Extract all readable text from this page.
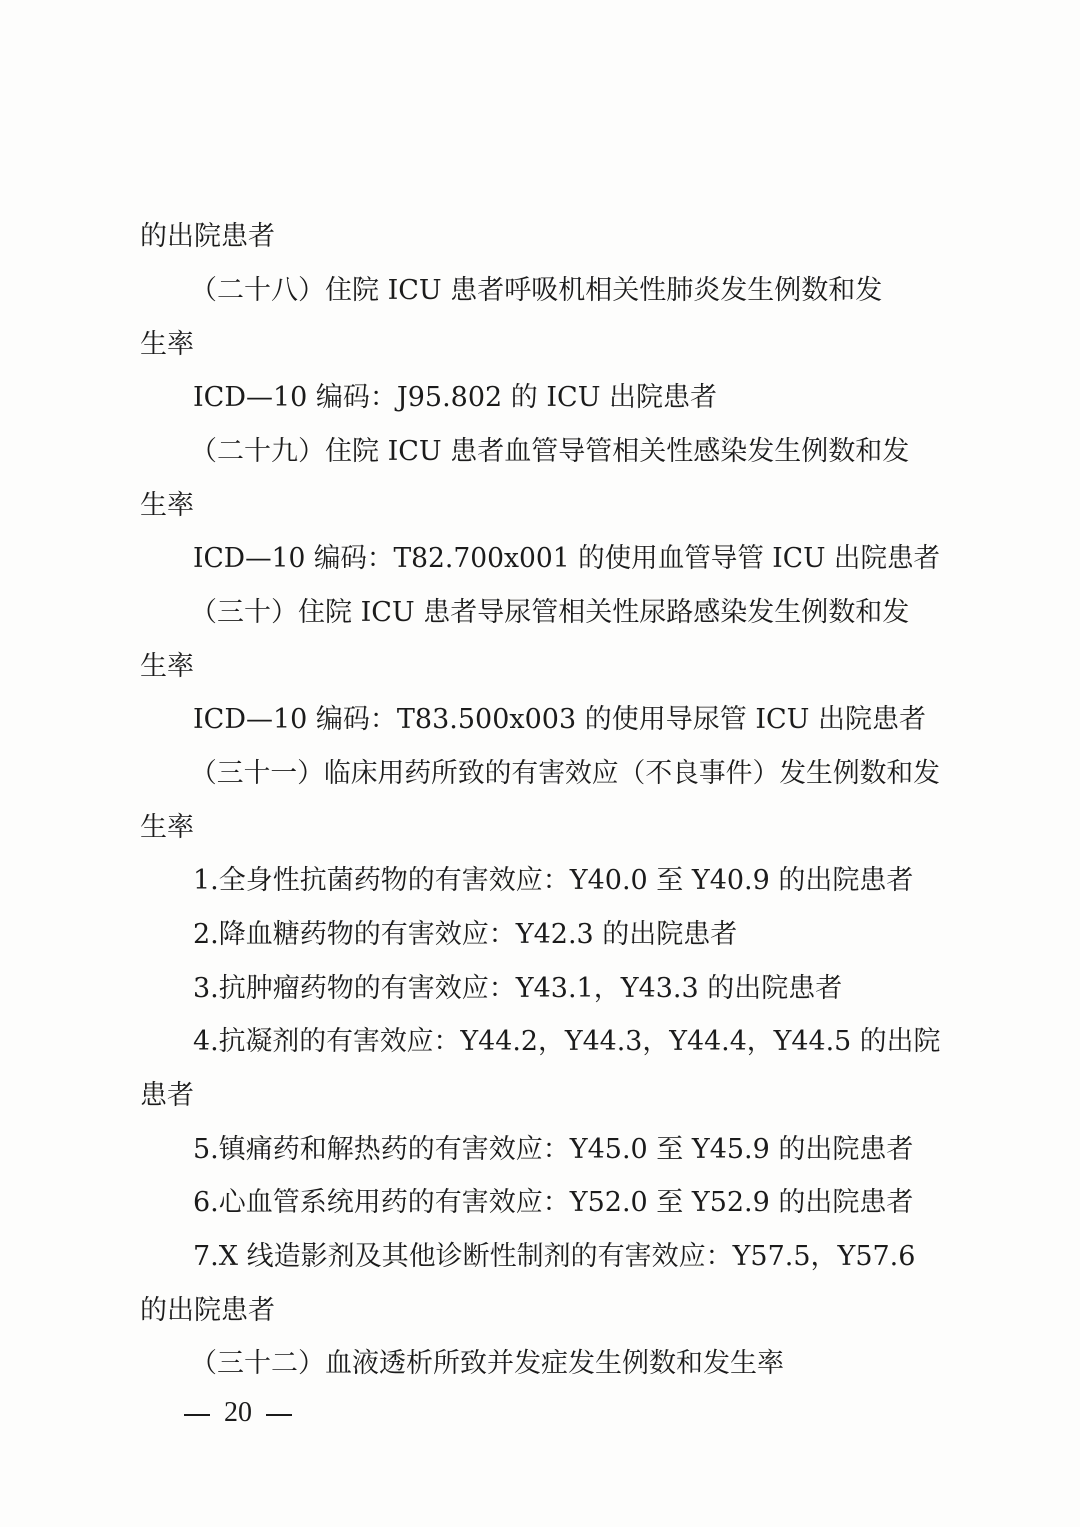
的出院患者
（二十八）住院 ICU 患者呼吸机相关性肺炎发生例数和发
生率
ICD—10 编码：J95.802 的 ICU 出院患者
（二十九）住院 ICU 患者血管导管相关性感染发生例数和发
生率
ICD—10 编码：T82.700x001 的使用血管导管 ICU 出院患者
（三十）住院 ICU 患者导尿管相关性尿路感染发生例数和发
生率
ICD—10 编码：T83.500x003 的使用导尿管 ICU 出院患者
（三十一）临床用药所致的有害效应（不良事件）发生例数和发
生率
1.全身性抗菌药物的有害效应：Y40.0 至 Y40.9 的出院患者
2.降血糖药物的有害效应：Y42.3 的出院患者
3.抗肿瘤药物的有害效应：Y43.1，Y43.3 的出院患者
4.抗凝剂的有害效应：Y44.2，Y44.3，Y44.4，Y44.5 的出院
患者
5.镇痛药和解热药的有害效应：Y45.0 至 Y45.9 的出院患者
6.心血管系统用药的有害效应：Y52.0 至 Y52.9 的出院患者
7.X 线造影剂及其他诊断性制剂的有害效应：Y57.5，Y57.6
的出院患者
（三十二）血液透析所致并发症发生例数和发生率
20
